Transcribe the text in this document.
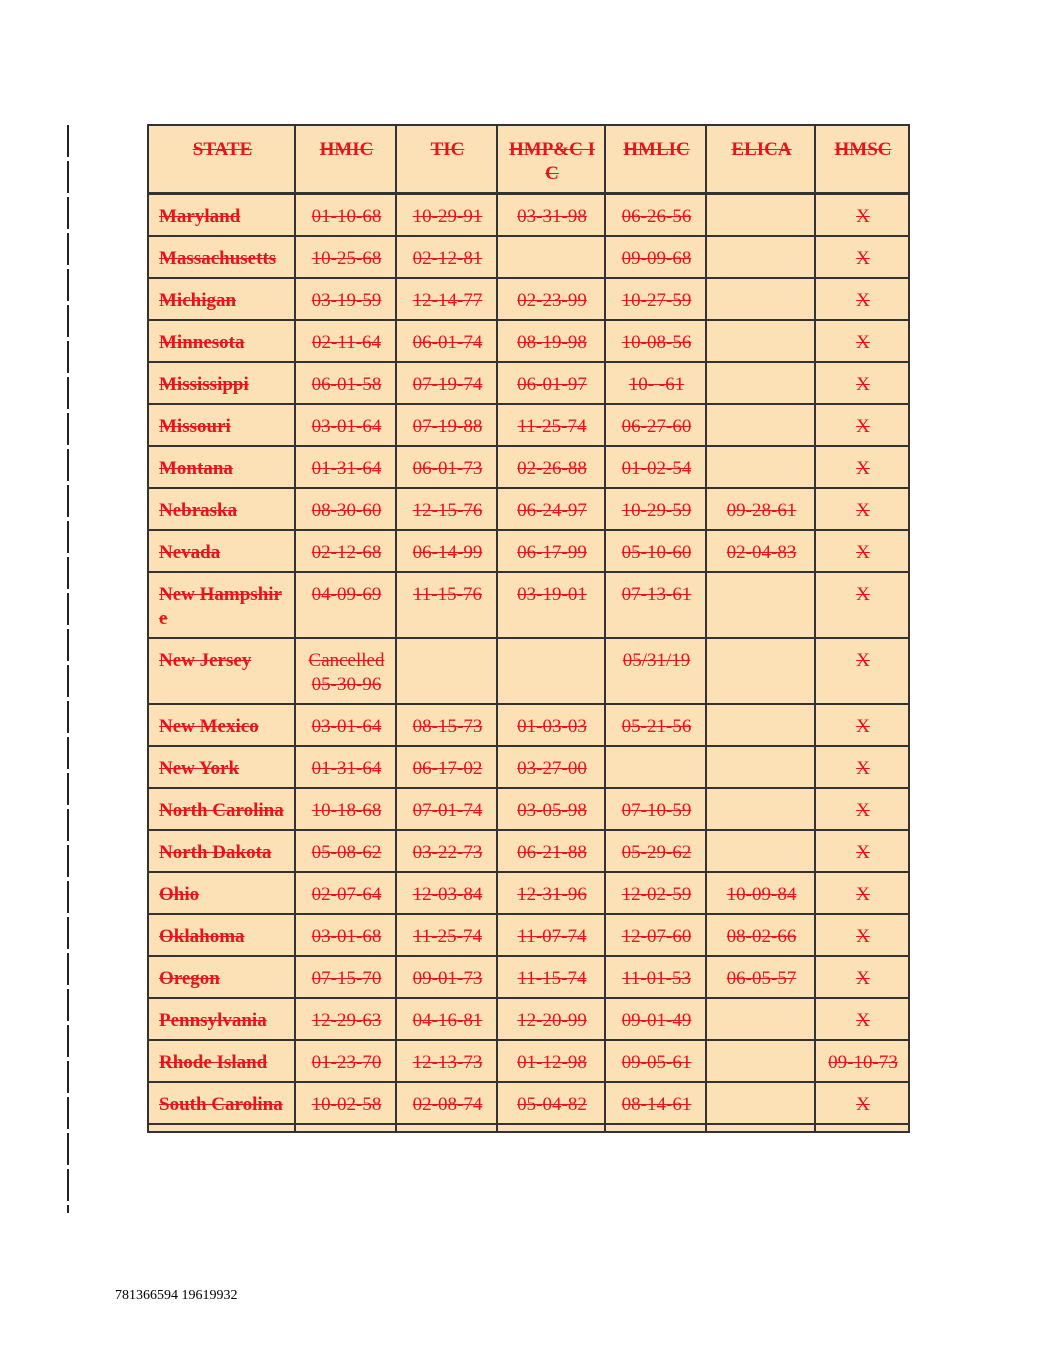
STATE	HMIC	TIC	HMP&C IC	HMLIC	ELICA	HMSC
Maryland	01-10-68	10-29-91	03-31-98	06-26-56		X
Massachusetts	10-25-68	02-12-81		09-09-68		X
Michigan	03-19-59	12-14-77	02-23-99	10-27-59		X
Minnesota	02-11-64	06-01-74	08-19-98	10-08-56		X
Mississippi	06-01-58	07-19-74	06-01-97	10- -61		X
Missouri	03-01-64	07-19-88	11-25-74	06-27-60		X
Montana	01-31-64	06-01-73	02-26-88	01-02-54		X
Nebraska	08-30-60	12-15-76	06-24-97	10-29-59	09-28-61	X
Nevada	02-12-68	06-14-99	06-17-99	05-10-60	02-04-83	X
New Hampshire	04-09-69	11-15-76	03-19-01	07-13-61		X
New Jersey	Cancelled 05-30-96			05/31/19		X
New Mexico	03-01-64	08-15-73	01-03-03	05-21-56		X
New York	01-31-64	06-17-02	03-27-00			X
North Carolina	10-18-68	07-01-74	03-05-98	07-10-59		X
North Dakota	05-08-62	03-22-73	06-21-88	05-29-62		X
Ohio	02-07-64	12-03-84	12-31-96	12-02-59	10-09-84	X
Oklahoma	03-01-68	11-25-74	11-07-74	12-07-60	08-02-66	X
Oregon	07-15-70	09-01-73	11-15-74	11-01-53	06-05-57	X
Pennsylvania	12-29-63	04-16-81	12-20-99	09-01-49		X
Rhode Island	01-23-70	12-13-73	01-12-98	09-05-61		09-10-73
South Carolina	10-02-58	02-08-74	05-04-82	08-14-61		X

781366594 19619932
